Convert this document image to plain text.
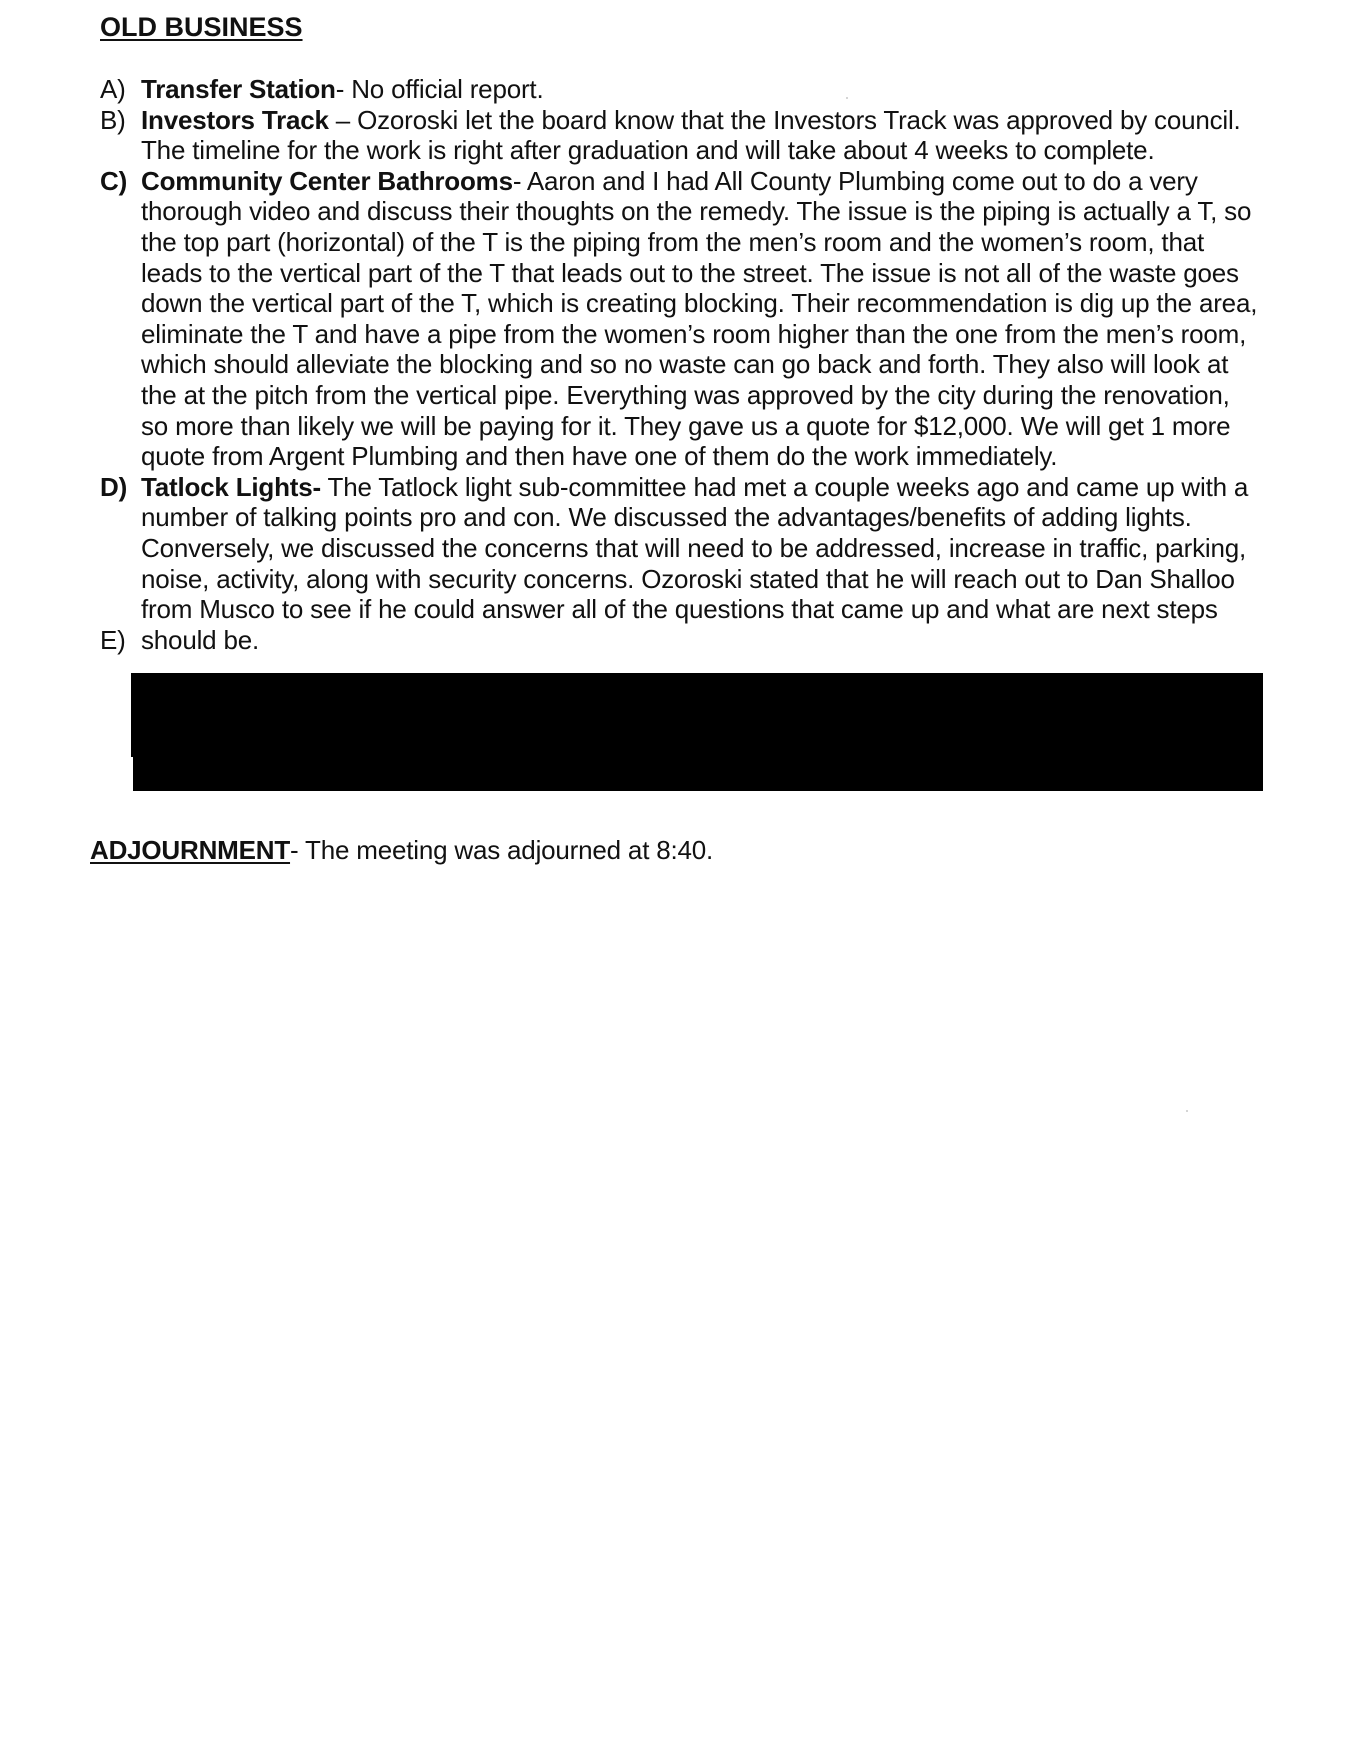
OLD BUSINESS
A) Transfer Station- No official report.
B) Investors Track – Ozoroski let the board know that the Investors Track was approved by council. The timeline for the work is right after graduation and will take about 4 weeks to complete.
C) Community Center Bathrooms- Aaron and I had All County Plumbing come out to do a very thorough video and discuss their thoughts on the remedy. The issue is the piping is actually a T, so the top part (horizontal) of the T is the piping from the men’s room and the women’s room, that leads to the vertical part of the T that leads out to the street. The issue is not all of the waste goes down the vertical part of the T, which is creating blocking. Their recommendation is dig up the area, eliminate the T and have a pipe from the women’s room higher than the one from the men’s room, which should alleviate the blocking and so no waste can go back and forth. They also will look at the at the pitch from the vertical pipe. Everything was approved by the city during the renovation, so more than likely we will be paying for it. They gave us a quote for $12,000. We will get 1 more quote from Argent Plumbing and then have one of them do the work immediately.
D) Tatlock Lights- The Tatlock light sub-committee had met a couple weeks ago and came up with a number of talking points pro and con. We discussed the advantages/benefits of adding lights. Conversely, we discussed the concerns that will need to be addressed, increase in traffic, parking, noise, activity, along with security concerns. Ozoroski stated that he will reach out to Dan Shalloo from Musco to see if he could answer all of the questions that came up and what are next steps should be.
E)

ADJOURNMENT- The meeting was adjourned at 8:40.
